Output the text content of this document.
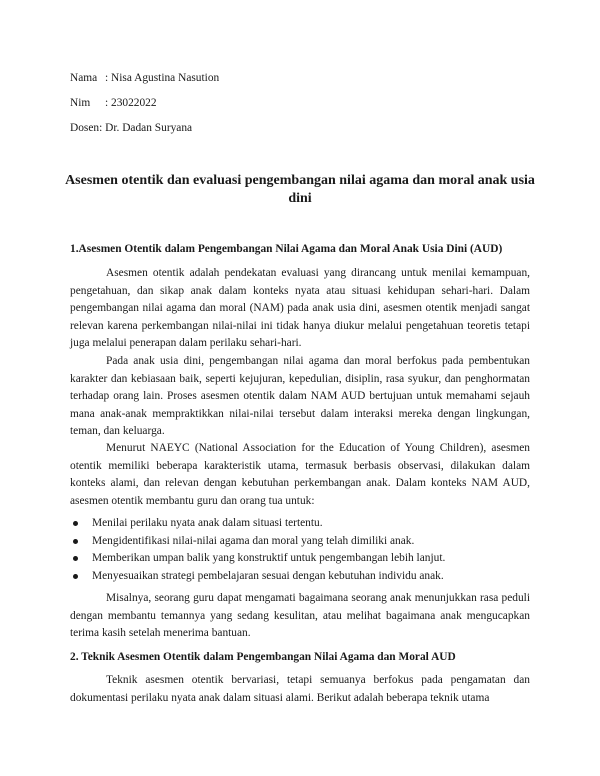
Nama : Nisa Agustina Nasution
Nim : 23022022
Dosen: Dr. Dadan Suryana
Asesmen otentik dan evaluasi pengembangan nilai agama dan moral anak usia dini
1.Asesmen Otentik dalam Pengembangan Nilai Agama dan Moral Anak Usia Dini (AUD)

Asesmen otentik adalah pendekatan evaluasi yang dirancang untuk menilai kemampuan, pengetahuan, dan sikap anak dalam konteks nyata atau situasi kehidupan sehari-hari. Dalam pengembangan nilai agama dan moral (NAM) pada anak usia dini, asesmen otentik menjadi sangat relevan karena perkembangan nilai-nilai ini tidak hanya diukur melalui pengetahuan teoretis tetapi juga melalui penerapan dalam perilaku sehari-hari.

Pada anak usia dini, pengembangan nilai agama dan moral berfokus pada pembentukan karakter dan kebiasaan baik, seperti kejujuran, kepedulian, disiplin, rasa syukur, dan penghormatan terhadap orang lain. Proses asesmen otentik dalam NAM AUD bertujuan untuk memahami sejauh mana anak-anak mempraktikkan nilai-nilai tersebut dalam interaksi mereka dengan lingkungan, teman, dan keluarga.

Menurut NAEYC (National Association for the Education of Young Children), asesmen otentik memiliki beberapa karakteristik utama, termasuk berbasis observasi, dilakukan dalam konteks alami, dan relevan dengan kebutuhan perkembangan anak. Dalam konteks NAM AUD, asesmen otentik membantu guru dan orang tua untuk:

Menilai perilaku nyata anak dalam situasi tertentu.
Mengidentifikasi nilai-nilai agama dan moral yang telah dimiliki anak.
Memberikan umpan balik yang konstruktif untuk pengembangan lebih lanjut.
Menyesuaikan strategi pembelajaran sesuai dengan kebutuhan individu anak.

Misalnya, seorang guru dapat mengamati bagaimana seorang anak menunjukkan rasa peduli dengan membantu temannya yang sedang kesulitan, atau melihat bagaimana anak mengucapkan terima kasih setelah menerima bantuan.

2. Teknik Asesmen Otentik dalam Pengembangan Nilai Agama dan Moral AUD

Teknik asesmen otentik bervariasi, tetapi semuanya berfokus pada pengamatan dan dokumentasi perilaku nyata anak dalam situasi alami. Berikut adalah beberapa teknik utama
